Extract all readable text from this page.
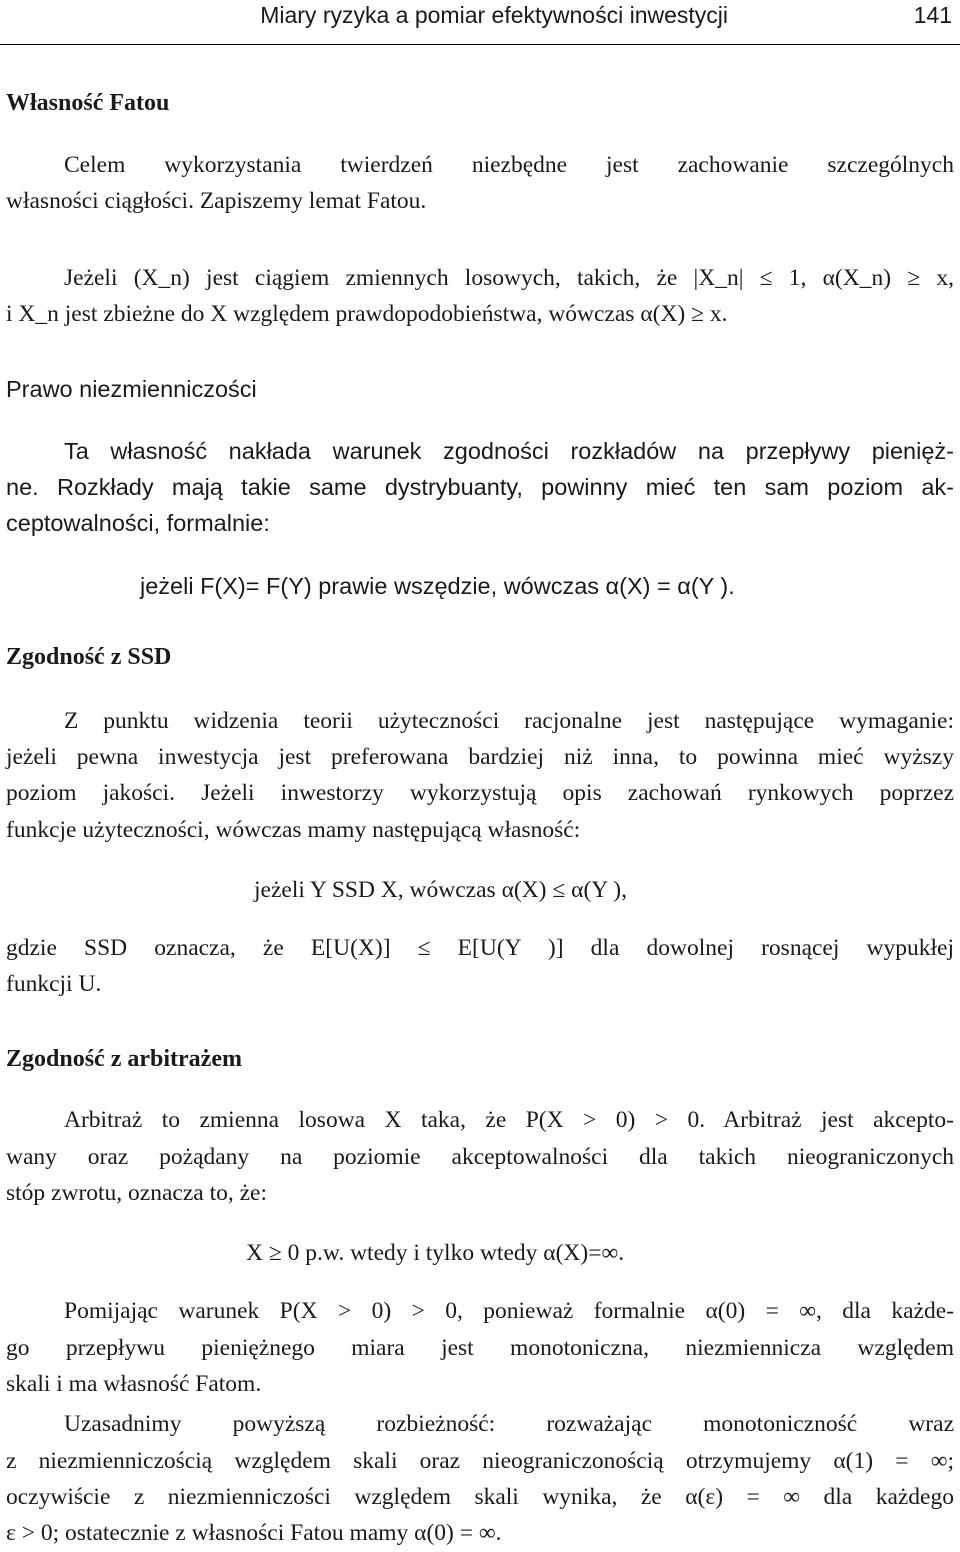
Miary ryzyka a pomiar efektywności inwestycji	141
Własność Fatou
Celem wykorzystania twierdzeń niezbędne jest zachowanie szczególnych
własności ciągłości. Zapiszemy lemat Fatou.
Jeżeli (X_n) jest ciągiem zmiennych losowych, takich, że |X_n| ≤ 1, α(X_n) ≥ x,
i X_n jest zbieżne do X względem prawdopodobieństwa, wówczas α(X) ≥ x.
Prawo niezmienniczości
Ta własność nakłada warunek zgodności rozkładów na przepływy pienięż-
ne. Rozkłady mają takie same dystrybuanty, powinny mieć ten sam poziom ak-
ceptowalności, formalnie:
jeżeli F(X)= F(Y) prawie wszędzie, wówczas α(X) = α(Y ).
Zgodność z SSD
Z punktu widzenia teorii użyteczności racjonalne jest następujące wymaganie:
jeżeli pewna inwestycja jest preferowana bardziej niż inna, to powinna mieć wyższy
poziom jakości. Jeżeli inwestorzy wykorzystują opis zachowań rynkowych poprzez
funkcje użyteczności, wówczas mamy następującą własność:
jeżeli Y SSD X, wówczas α(X) ≤ α(Y ),
gdzie SSD oznacza, że E[U(X)] ≤ E[U(Y )] dla dowolnej rosnącej wypukłej
funkcji U.
Zgodność z arbitrażem
Arbitraż to zmienna losowa X taka, że P(X > 0) > 0. Arbitraż jest akcepto-
wany oraz pożądany na poziomie akceptowalności dla takich nieograniczonych
stóp zwrotu, oznacza to, że:
X ≥ 0 p.w. wtedy i tylko wtedy α(X)=∞.
Pomijając warunek P(X > 0) > 0, ponieważ formalnie α(0) = ∞, dla każde-
go przepływu pieniężnego miara jest monotoniczna, niezmiennicza względem
skali i ma własność Fatom.
Uzasadnimy powyższą rozbieżność: rozważając monotoniczność wraz
z niezmienniczością względem skali oraz nieograniczonością otrzymujemy α(1) = ∞;
oczywiście z niezmienniczości względem skali wynika, że α(ε) = ∞ dla każdego
ε > 0; ostatecznie z własności Fatou mamy α(0) = ∞.
